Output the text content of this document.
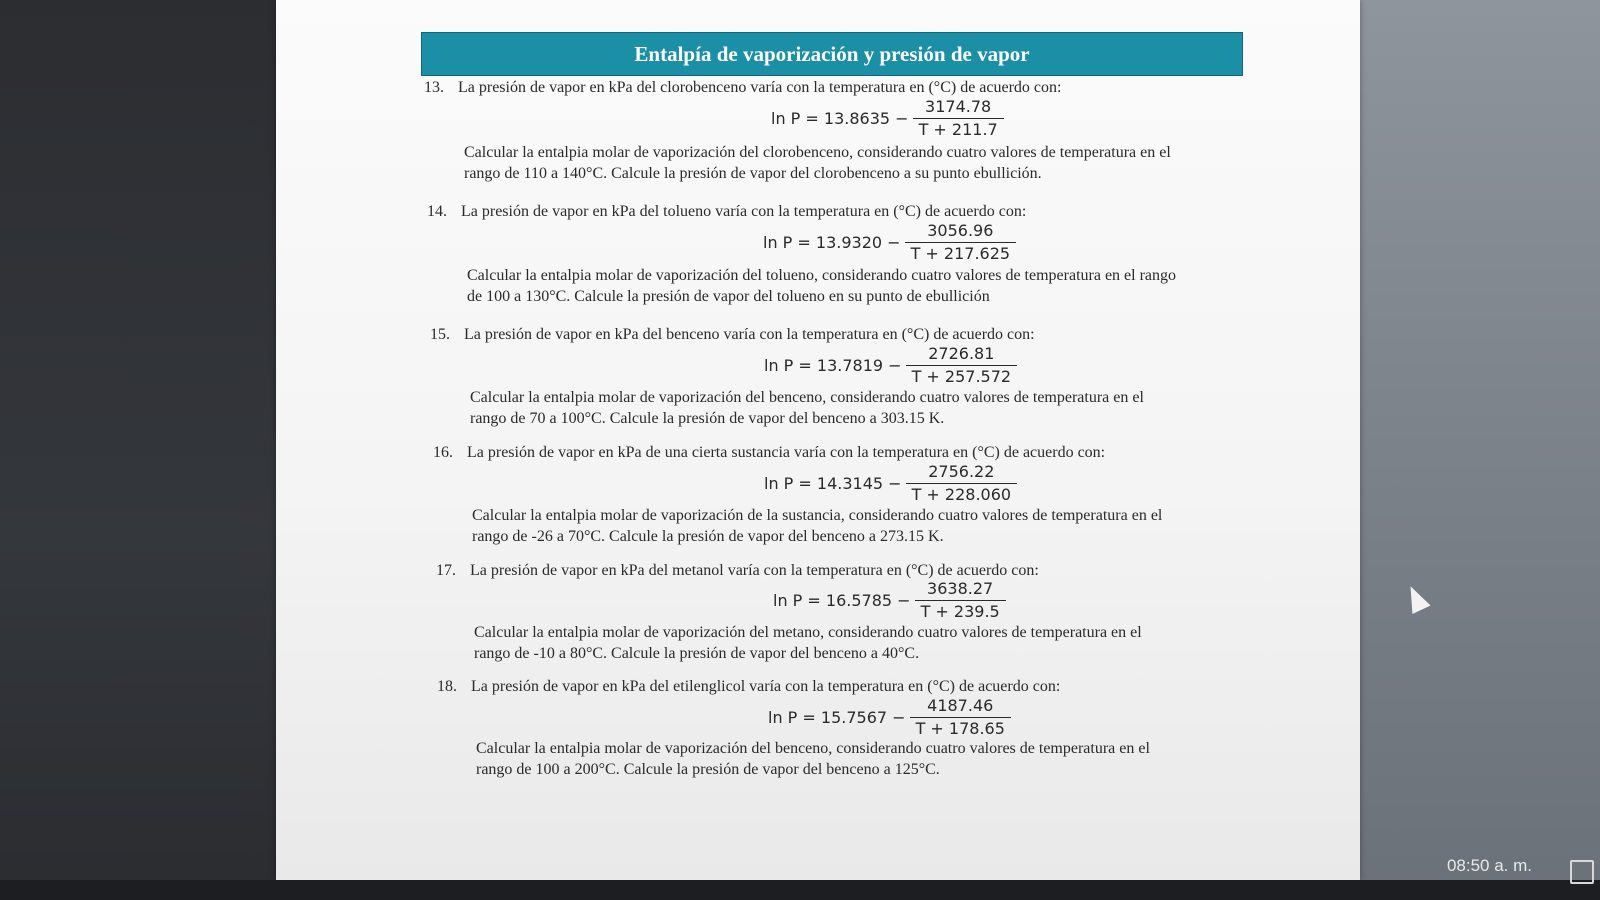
Entalpía de vaporización y presión de vapor
13. La presión de vapor en kPa del clorobenceno varía con la temperatura en (°C) de acuerdo con:
$\ln P = 13.8635 - \frac{3174.78}{T + 211.7}$
Calcular la entalpia molar de vaporización del clorobenceno, considerando cuatro valores de temperatura en el
rango de 110 a 140°C. Calcule la presión de vapor del clorobenceno a su punto ebullición.
14. La presión de vapor en kPa del tolueno varía con la temperatura en (°C) de acuerdo con:
$\ln P = 13.9320 - \frac{3056.96}{T + 217.625}$
Calcular la entalpia molar de vaporización del tolueno, considerando cuatro valores de temperatura en el rango
de 100 a 130°C. Calcule la presión de vapor del tolueno en su punto de ebullición
15. La presión de vapor en kPa del benceno varía con la temperatura en (°C) de acuerdo con:
$\ln P = 13.7819 - \frac{2726.81}{T + 257.572}$
Calcular la entalpia molar de vaporización del benceno, considerando cuatro valores de temperatura en el
rango de 70 a 100°C. Calcule la presión de vapor del benceno a 303.15 K.
16. La presión de vapor en kPa de una cierta sustancia varía con la temperatura en (°C) de acuerdo con:
$\ln P = 14.3145 - \frac{2756.22}{T + 228.060}$
Calcular la entalpia molar de vaporización de la sustancia, considerando cuatro valores de temperatura en el
rango de -26 a 70°C. Calcule la presión de vapor del benceno a 273.15 K.
17. La presión de vapor en kPa del metanol varía con la temperatura en (°C) de acuerdo con:
$\ln P = 16.5785 - \frac{3638.27}{T + 239.5}$
Calcular la entalpia molar de vaporización del metano, considerando cuatro valores de temperatura en el
rango de -10 a 80°C. Calcule la presión de vapor del benceno a 40°C.
18. La presión de vapor en kPa del etilenglicol varía con la temperatura en (°C) de acuerdo con:
$\ln P = 15.7567 - \frac{4187.46}{T + 178.65}$
Calcular la entalpia molar de vaporización del benceno, considerando cuatro valores de temperatura en el
rango de 100 a 200°C. Calcule la presión de vapor del benceno a 125°C.
08:50 a. m.
